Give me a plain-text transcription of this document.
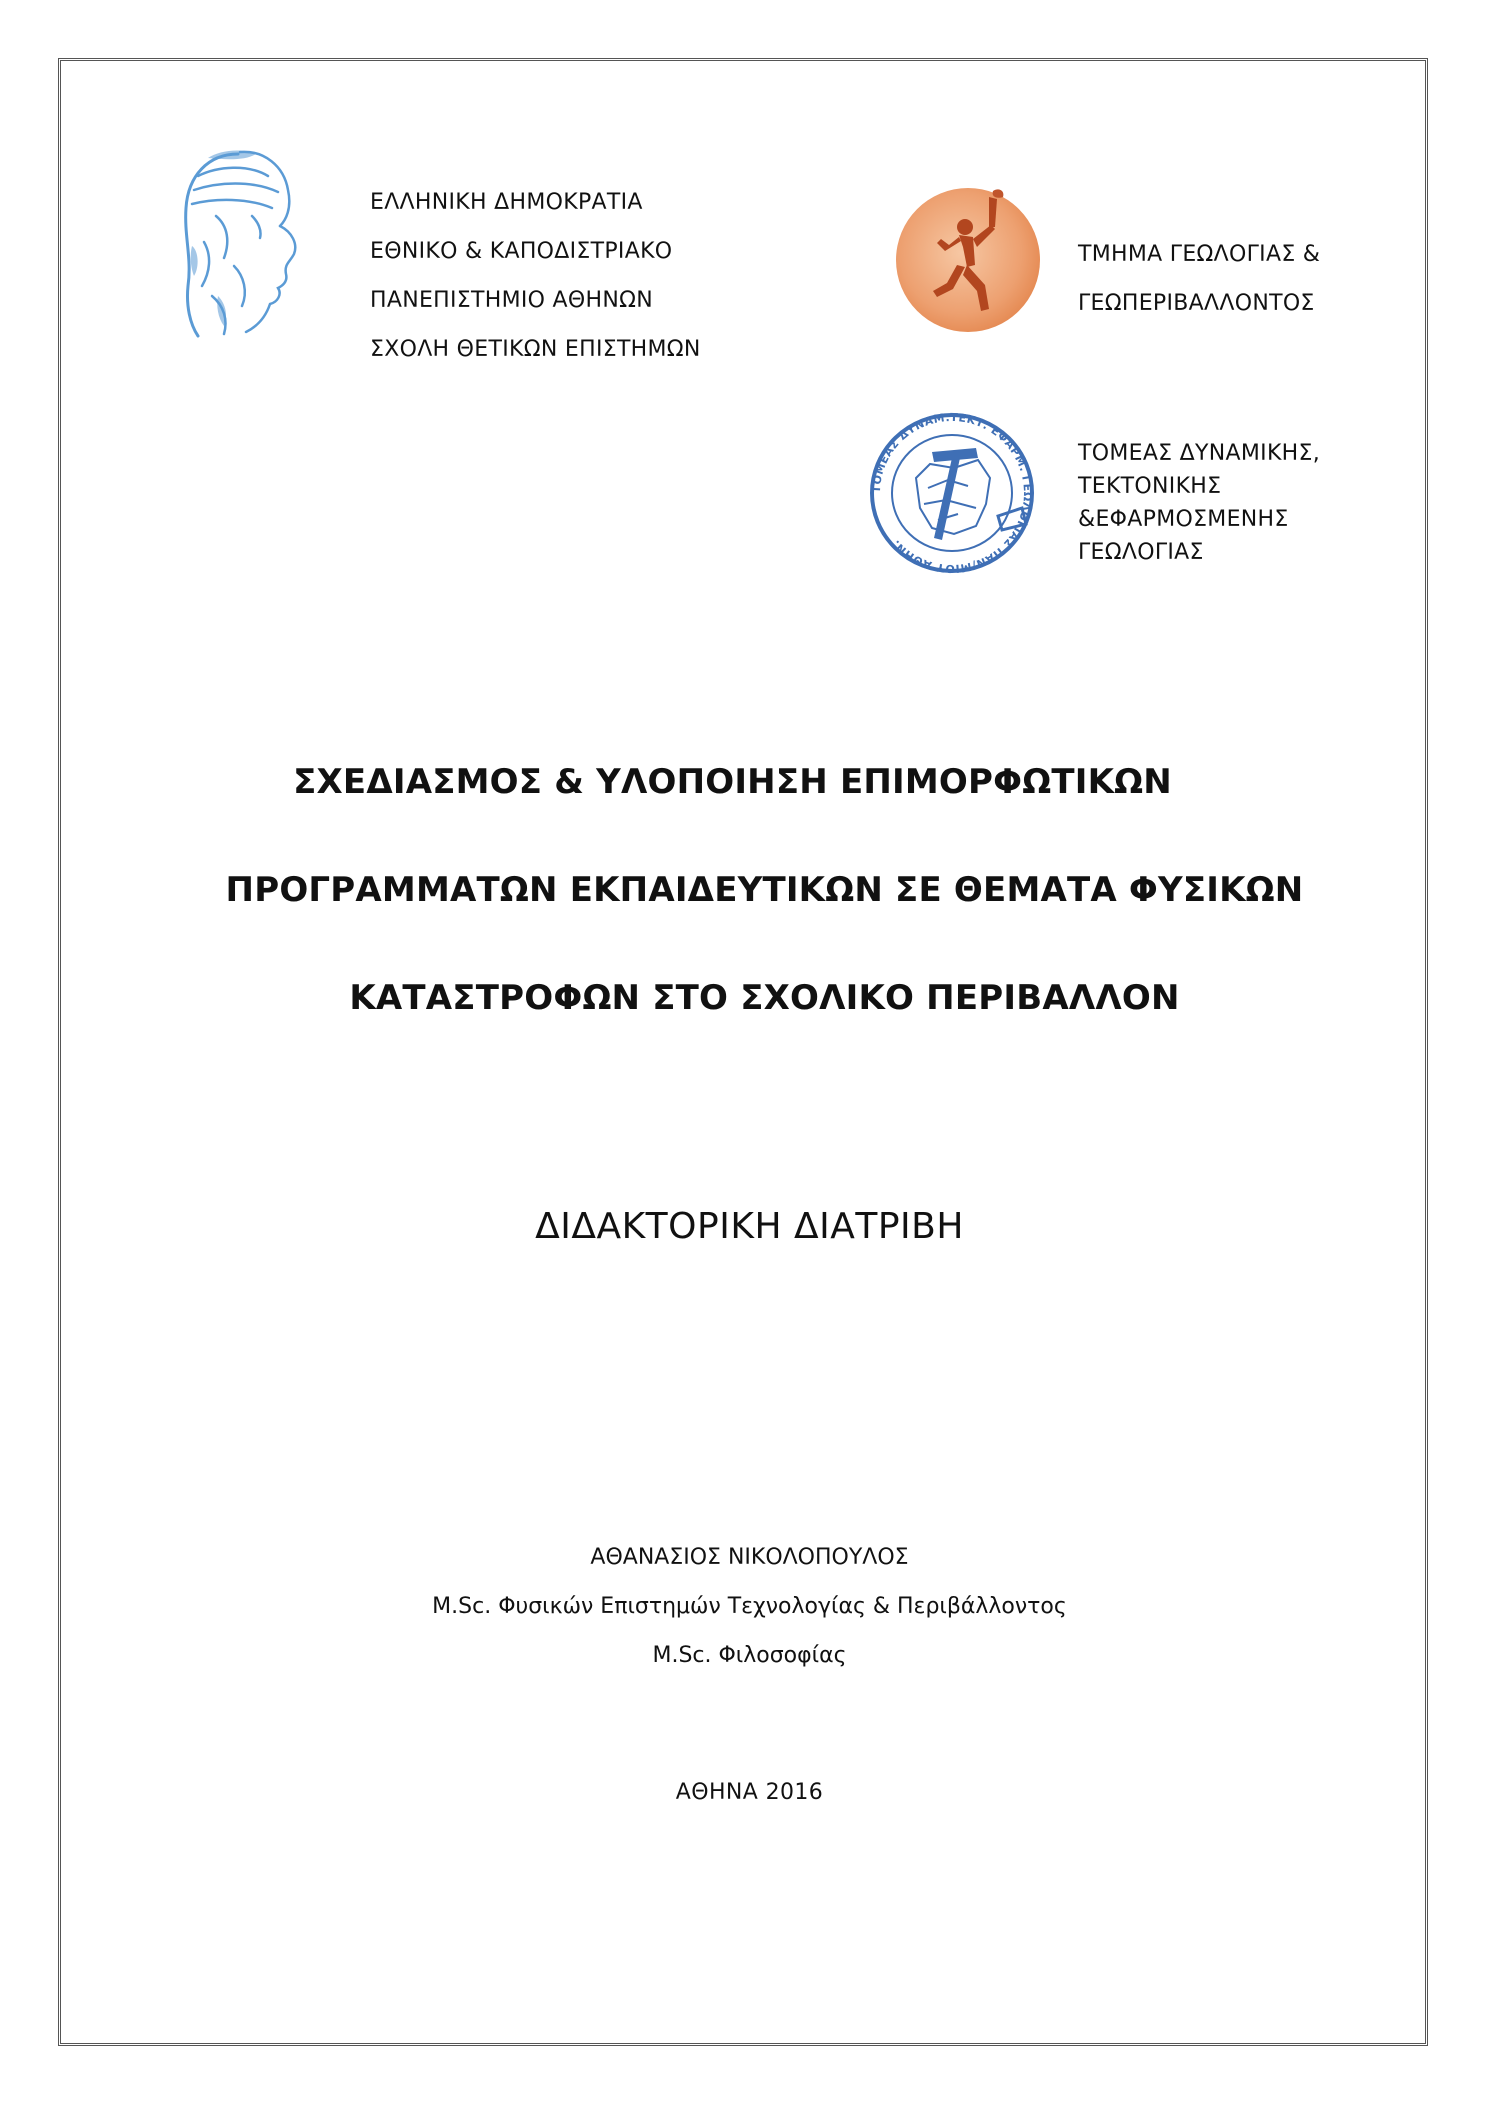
ΕΛΛΗΝΙΚΗ ΔΗΜΟΚΡΑΤΙΑ
ΕΘΝΙΚΟ & ΚΑΠΟΔΙΣΤΡΙΑΚΟ
ΠΑΝΕΠΙΣΤΗΜΙΟ ΑΘΗΝΩΝ
ΣΧΟΛΗ ΘΕΤΙΚΩΝ ΕΠΙΣΤΗΜΩΝ
ΤΜΗΜΑ ΓΕΩΛΟΓΙΑΣ &
ΓΕΩΠΕΡΙΒΑΛΛΟΝΤΟΣ
ΤΟΜΕΑΣ ΔΥΝΑΜ.ΤΕΚΤ. ΕΦΑΡΜ. ΓΕΩΛΟΓΙΑΣ ΠΑΝ/ΜΙΟΥ ΑΘΗΝ.
ΤΟΜΕΑΣ ΔΥΝΑΜΙΚΗΣ,
ΤΕΚΤΟΝΙΚΗΣ
&ΕΦΑΡΜΟΣΜΕΝΗΣ
ΓΕΩΛΟΓΙΑΣ
ΣΧΕΔΙΑΣΜΟΣ & ΥΛΟΠΟΙΗΣΗ ΕΠΙΜΟΡΦΩΤΙΚΩΝ
ΠΡΟΓΡΑΜΜΑΤΩΝ ΕΚΠΑΙΔΕΥΤΙΚΩΝ ΣΕ ΘΕΜΑΤΑ ΦΥΣΙΚΩΝ
ΚΑΤΑΣΤΡΟΦΩΝ ΣΤΟ ΣΧΟΛΙΚΟ ΠΕΡΙΒΑΛΛΟΝ
ΔΙΔΑΚΤΟΡΙΚΗ ΔΙΑΤΡΙΒΗ
ΑΘΑΝΑΣΙΟΣ ΝΙΚΟΛΟΠΟΥΛΟΣ
M.Sc. Φυσικών Επιστημών Τεχνολογίας & Περιβάλλοντος
M.Sc. Φιλοσοφίας
ΑΘΗΝΑ 2016
